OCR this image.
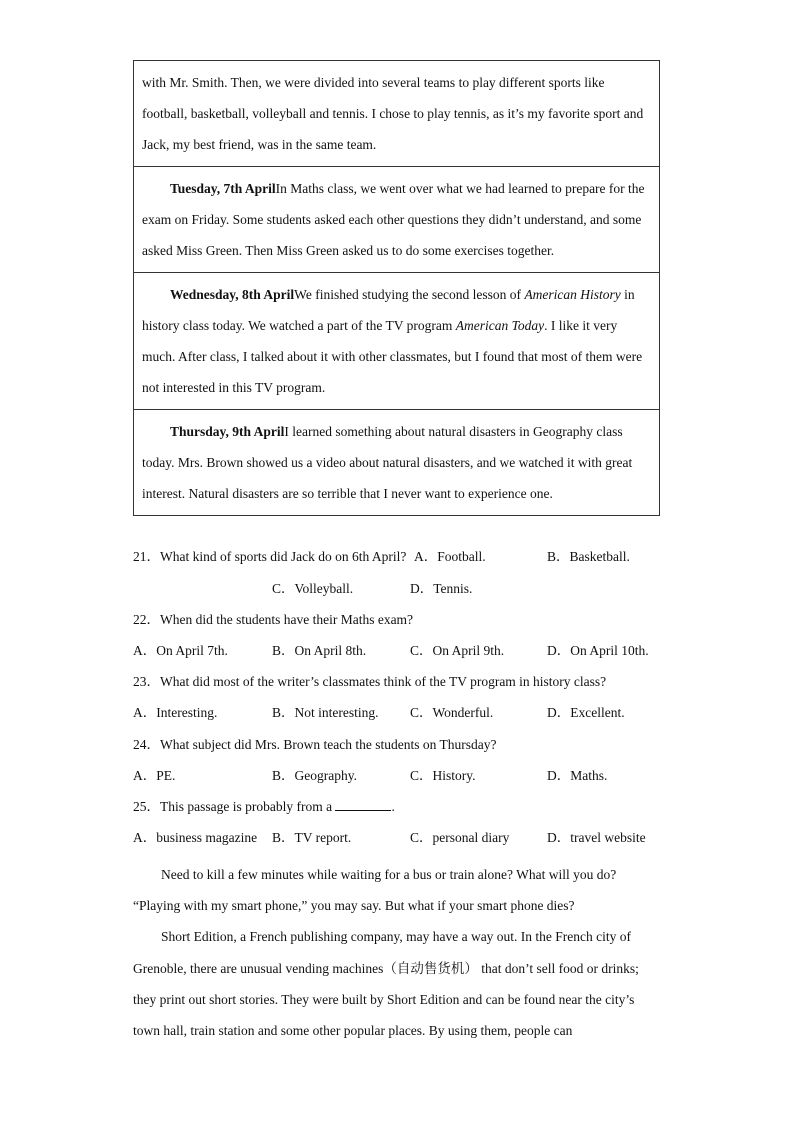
with Mr. Smith. Then, we were divided into several teams to play different sports like football, basketball, volleyball and tennis. I chose to play tennis, as it’s my favorite sport and Jack, my best friend, was in the same team.
Tuesday, 7th AprilIn Maths class, we went over what we had learned to prepare for the exam on Friday. Some students asked each other questions they didn’t understand, and some asked Miss Green. Then Miss Green asked us to do some exercises together.
Wednesday, 8th AprilWe finished studying the second lesson of American History in history class today. We watched a part of the TV program American Today. I like it very much. After class, I talked about it with other classmates, but I found that most of them were not interested in this TV program.
Thursday, 9th AprilI learned something about natural disasters in Geography class today. Mrs. Brown showed us a video about natural disasters, and we watched it with great interest. Natural disasters are so terrible that I never want to experience one.
21．What kind of sports did Jack do on 6th April? A．Football.	B．Basketball.
C．Volleyball.	D．Tennis.
22．When did the students have their Maths exam?
A．On April 7th.	B．On April 8th.	C．On April 9th.	D．On April 10th.
23．What did most of the writer’s classmates think of the TV program in history class?
A．Interesting.	B．Not interesting. C．Wonderful.	D．Excellent.
24．What subject did Mrs. Brown teach the students on Thursday?
A．PE.	B．Geography.	C．History.	D．Maths.
25．This passage is probably from a	.
A．business magazine B．TV report.	C．personal diary	D．travel website

Need to kill a few minutes while waiting for a bus or train alone? What will you do? “Playing with my smart phone,” you may say. But what if your smart phone dies?

Short Edition, a French publishing company, may have a way out. In the French city of Grenoble, there are unusual vending machines（自动售货机） that don’t sell food or drinks; they print out short stories. They were built by Short Edition and can be found near the city’s town hall, train station and some other popular places. By using them, people can
